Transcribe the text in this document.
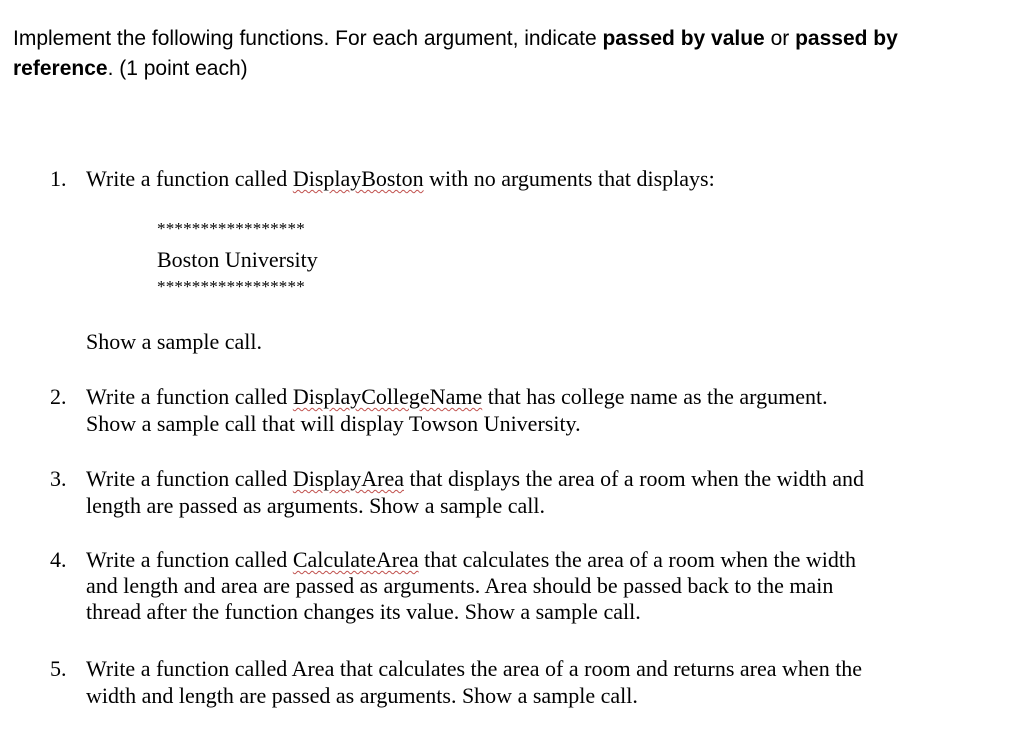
Implement the following functions. For each argument, indicate passed by value or passed by reference. (1 point each)
1. Write a function called DisplayBoston with no arguments that displays:
*****************
Boston University
*****************
Show a sample call.
2. Write a function called DisplayCollegeName that has college name as the argument.
Show a sample call that will display Towson University.
3. Write a function called DisplayArea that displays the area of a room when the width and
length are passed as arguments. Show a sample call.
4. Write a function called CalculateArea that calculates the area of a room when the width
and length and area are passed as arguments. Area should be passed back to the main
thread after the function changes its value. Show a sample call.
5. Write a function called Area that calculates the area of a room and returns area when the
width and length are passed as arguments. Show a sample call.
